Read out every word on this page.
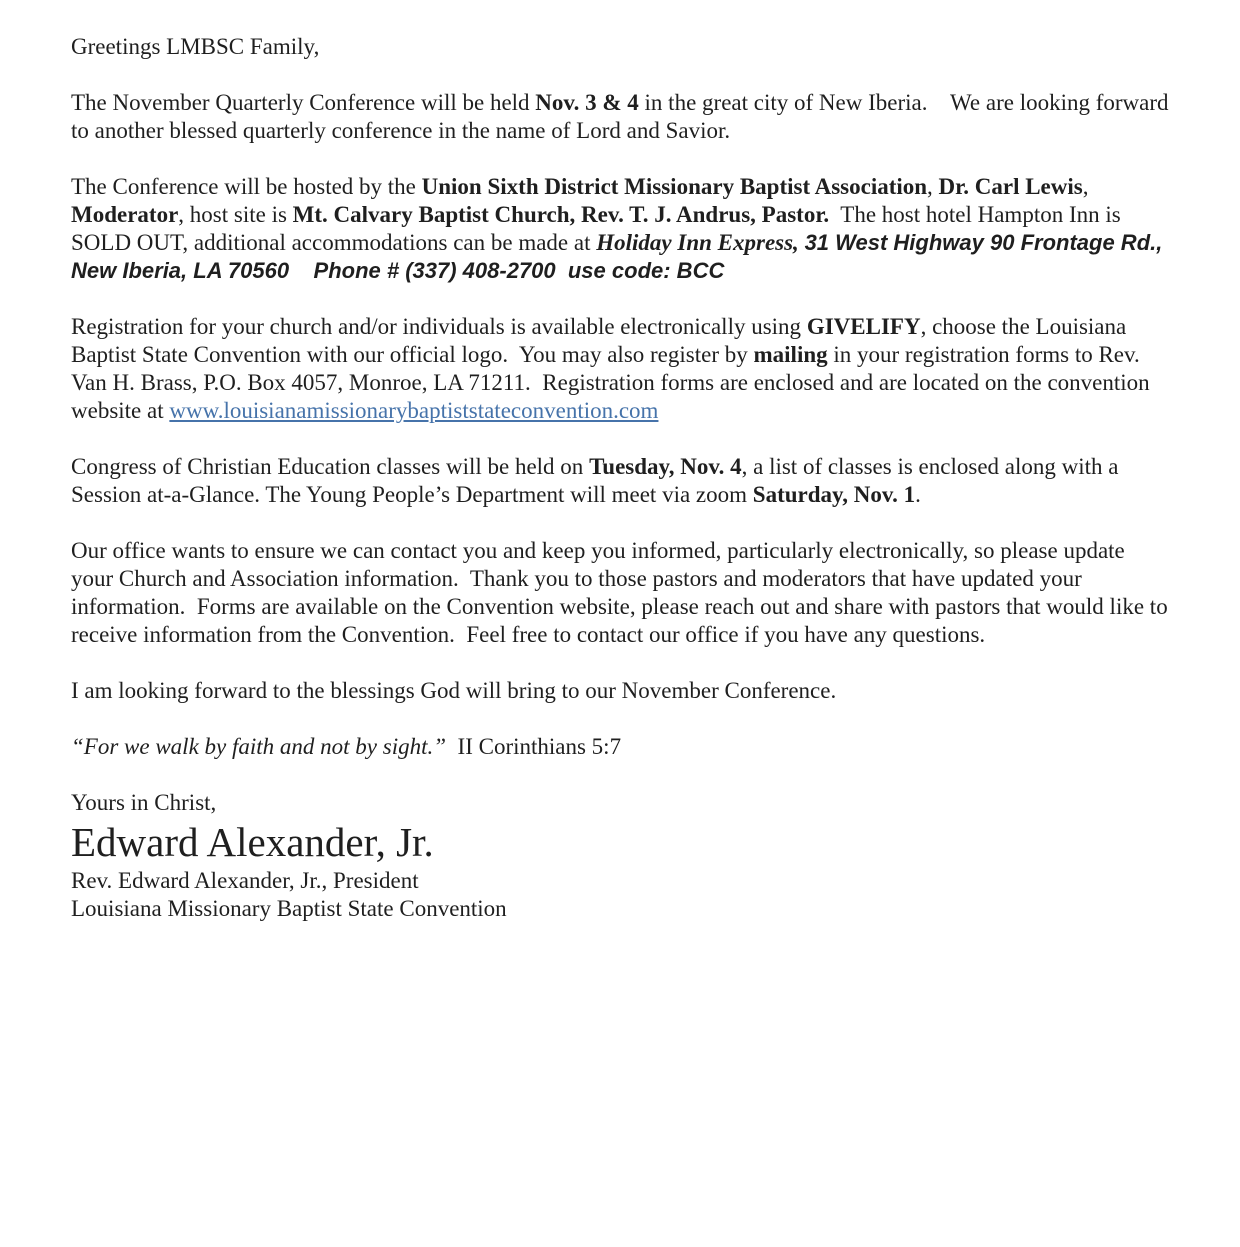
Greetings LMBSC Family,

The November Quarterly Conference will be held Nov. 3 & 4 in the great city of New Iberia.    We are looking forward to another blessed quarterly conference in the name of Lord and Savior.

The Conference will be hosted by the Union Sixth District Missionary Baptist Association, Dr. Carl Lewis, Moderator, host site is Mt. Calvary Baptist Church, Rev. T. J. Andrus, Pastor.  The host hotel Hampton Inn is SOLD OUT, additional accommodations can be made at Holiday Inn Express, 31 West Highway 90 Frontage Rd., New Iberia, LA 70560    Phone # (337) 408-2700  use code: BCC

Registration for your church and/or individuals is available electronically using GIVELIFY, choose the Louisiana Baptist State Convention with our official logo.  You may also register by mailing in your registration forms to Rev. Van H. Brass, P.O. Box 4057, Monroe, LA 71211.  Registration forms are enclosed and are located on the convention website at www.louisianamissionarybaptiststateconvention.com

Congress of Christian Education classes will be held on Tuesday, Nov. 4, a list of classes is enclosed along with a Session at-a-Glance. The Young People’s Department will meet via zoom Saturday, Nov. 1.

Our office wants to ensure we can contact you and keep you informed, particularly electronically, so please update your Church and Association information.  Thank you to those pastors and moderators that have updated your information.  Forms are available on the Convention website, please reach out and share with pastors that would like to receive information from the Convention.  Feel free to contact our office if you have any questions.

I am looking forward to the blessings God will bring to our November Conference.

“For we walk by faith and not by sight.”  II Corinthians 5:7

Yours in Christ,
Edward Alexander, Jr.
Rev. Edward Alexander, Jr., President
Louisiana Missionary Baptist State Convention
